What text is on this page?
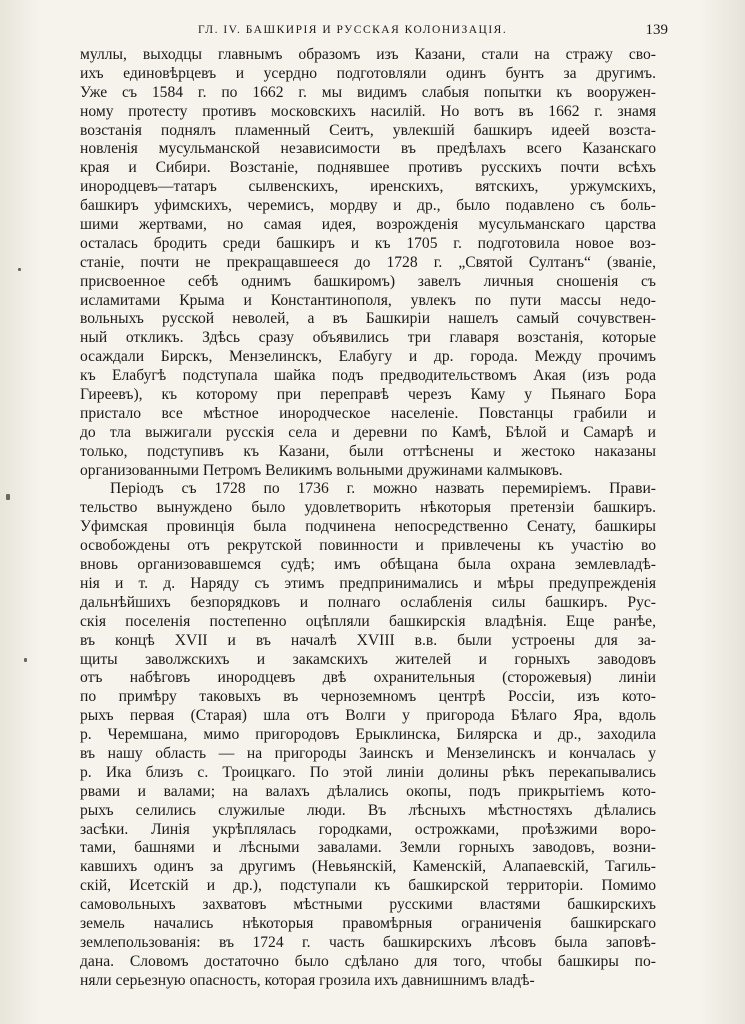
ГЛ. IV. БАШКИРІЯ И РУССКАЯ КОЛОНИЗАЦІЯ.	139
муллы, выходцы главнымъ образомъ изъ Казани, стали на стражу сво-
ихъ единовѣрцевъ и усердно подготовляли одинъ бунтъ за другимъ.
Уже съ 1584 г. по 1662 г. мы видимъ слабыя попытки къ вооружен-
ному протесту противъ московскихъ насилій. Но вотъ въ 1662 г. знамя
возстанія поднялъ пламенный Сеитъ, увлекшій башкиръ идеей возста-
новленія мусульманской независимости въ предѣлахъ всего Казанскаго
края и Сибири. Возстаніе, поднявшее противъ русскихъ почти всѣхъ
инородцевъ—татаръ сылвенскихъ, иренскихъ, вятскихъ, уржумскихъ,
башкиръ уфимскихъ, черемисъ, мордву и др., было подавлено съ боль-
шими жертвами, но самая идея, возрожденія мусульманскаго царства
осталась бродить среди башкиръ и къ 1705 г. подготовила новое воз-
станіе, почти не прекращавшееся до 1728 г. „Святой Султанъ“ (званіе,
присвоенное себѣ однимъ башкиромъ) завелъ личныя сношенія съ
исламитами Крыма и Константинополя, увлекъ по пути массы недо-
вольныхъ русской неволей, а въ Башкиріи нашелъ самый сочувствен-
ный откликъ. Здѣсь сразу объявились три главаря возстанія, которые
осаждали Бирскъ, Мензелинскъ, Елабугу и др. города. Между прочимъ
къ Елабугѣ подступала шайка подъ предводительствомъ Акая (изъ рода
Гиреевъ), къ которому при переправѣ черезъ Каму у Пьянаго Бора
пристало все мѣстное инородческое населеніе. Повстанцы грабили и
до тла выжигали русскія села и деревни по Камѣ, Бѣлой и Самарѣ и
только, подступивъ къ Казани, были оттѣснены и жестоко наказаны
организованными Петромъ Великимъ вольными дружинами калмыковъ.
Періодъ съ 1728 по 1736 г. можно назвать перемиріемъ. Прави-
тельство вынуждено было удовлетворить нѣкоторыя претензіи башкиръ.
Уфимская провинція была подчинена непосредственно Сенату, башкиры
освобождены отъ рекрутской повинности и привлечены къ участію во
вновь организовавшемся судѣ; имъ обѣщана была охрана землевладѣ-
нія и т. д. Наряду съ этимъ предпринимались и мѣры предупрежденія
дальнѣйшихъ безпорядковъ и полнаго ослабленія силы башкиръ. Рус-
скія поселенія постепенно оцѣпляли башкирскія владѣнія. Еще ранѣе,
въ концѣ XVII и въ началѣ XVIII в.в. были устроены для за-
щиты заволжскихъ и закамскихъ жителей и горныхъ заводовъ
отъ набѣговъ инородцевъ двѣ охранительныя (сторожевыя) линіи
по примѣру таковыхъ въ черноземномъ центрѣ Россіи, изъ кото-
рыхъ первая (Старая) шла отъ Волги у пригорода Бѣлаго Яра, вдоль
р. Черемшана, мимо пригородовъ Ерыклинска, Билярска и др., заходила
въ нашу область — на пригороды Заинскъ и Мензелинскъ и кончалась у
р. Ика близъ с. Троицкаго. По этой линіи долины рѣкъ перекапывались
рвами и валами; на валахъ дѣлались окопы, подъ прикрытіемъ кото-
рыхъ селились служилые люди. Въ лѣсныхъ мѣстностяхъ дѣлались
засѣки. Линія укрѣплялась городками, острожками, проѣзжими воро-
тами, башнями и лѣсными завалами. Земли горныхъ заводовъ, возни-
кавшихъ одинъ за другимъ (Невьянскій, Каменскій, Алапаевскій, Тагиль-
скій, Исетскій и др.), подступали къ башкирской территоріи. Помимо
самовольныхъ захватовъ мѣстными русскими властями башкирскихъ
земель начались нѣкоторыя правомѣрныя ограниченія башкирскаго
землепользованія: въ 1724 г. часть башкирскихъ лѣсовъ была заповѣ-
дана. Словомъ достаточно было сдѣлано для того, чтобы башкиры по-
няли серьезную опасность, которая грозила ихъ давнишнимъ владѣ-
